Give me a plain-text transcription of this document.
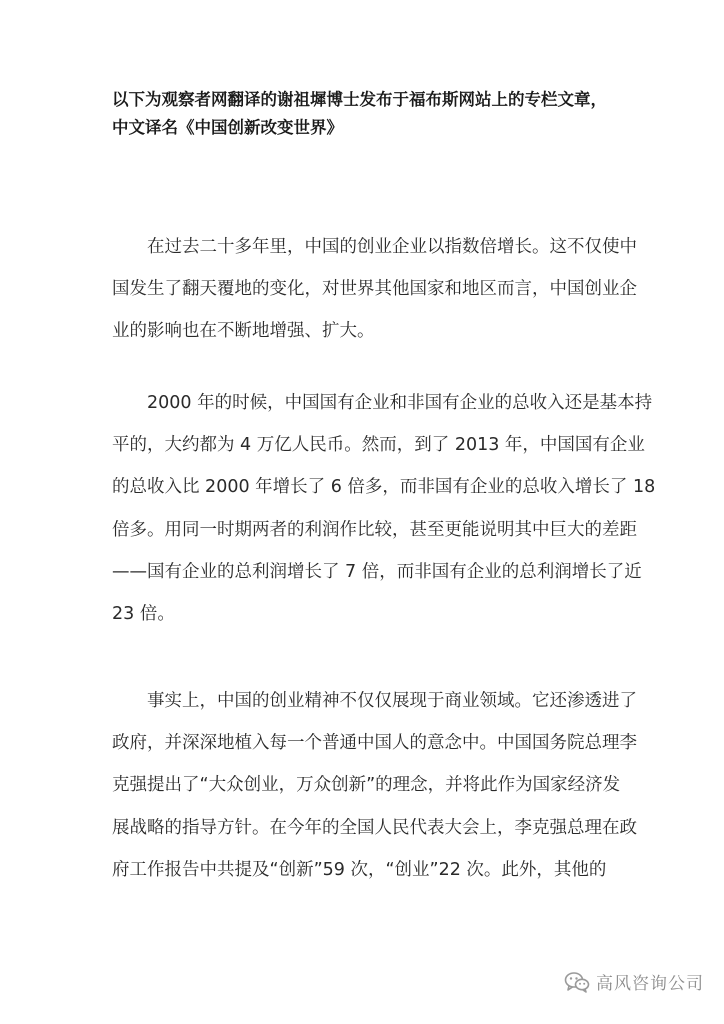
以下为观察者网翻译的谢祖墀博士发布于福布斯网站上的专栏文章，
中文译名《中国创新改变世界》
　　在过去二十多年里，中国的创业企业以指数倍增长。这不仅使中
国发生了翻天覆地的变化，对世界其他国家和地区而言，中国创业企
业的影响也在不断地增强、扩大。
　　2000 年的时候，中国国有企业和非国有企业的总收入还是基本持
平的，大约都为 4 万亿人民币。然而，到了 2013 年，中国国有企业
的总收入比 2000 年增长了 6 倍多，而非国有企业的总收入增长了 18
倍多。用同一时期两者的利润作比较，甚至更能说明其中巨大的差距
——国有企业的总利润增长了 7 倍，而非国有企业的总利润增长了近
23 倍。
　　事实上，中国的创业精神不仅仅展现于商业领域。它还渗透进了
政府，并深深地植入每一个普通中国人的意念中。中国国务院总理李
克强提出了“大众创业，万众创新”的理念，并将此作为国家经济发
展战略的指导方针。在今年的全国人民代表大会上，李克强总理在政
府工作报告中共提及“创新”59 次，“创业”22 次。此外，其他的
高风咨询公司
